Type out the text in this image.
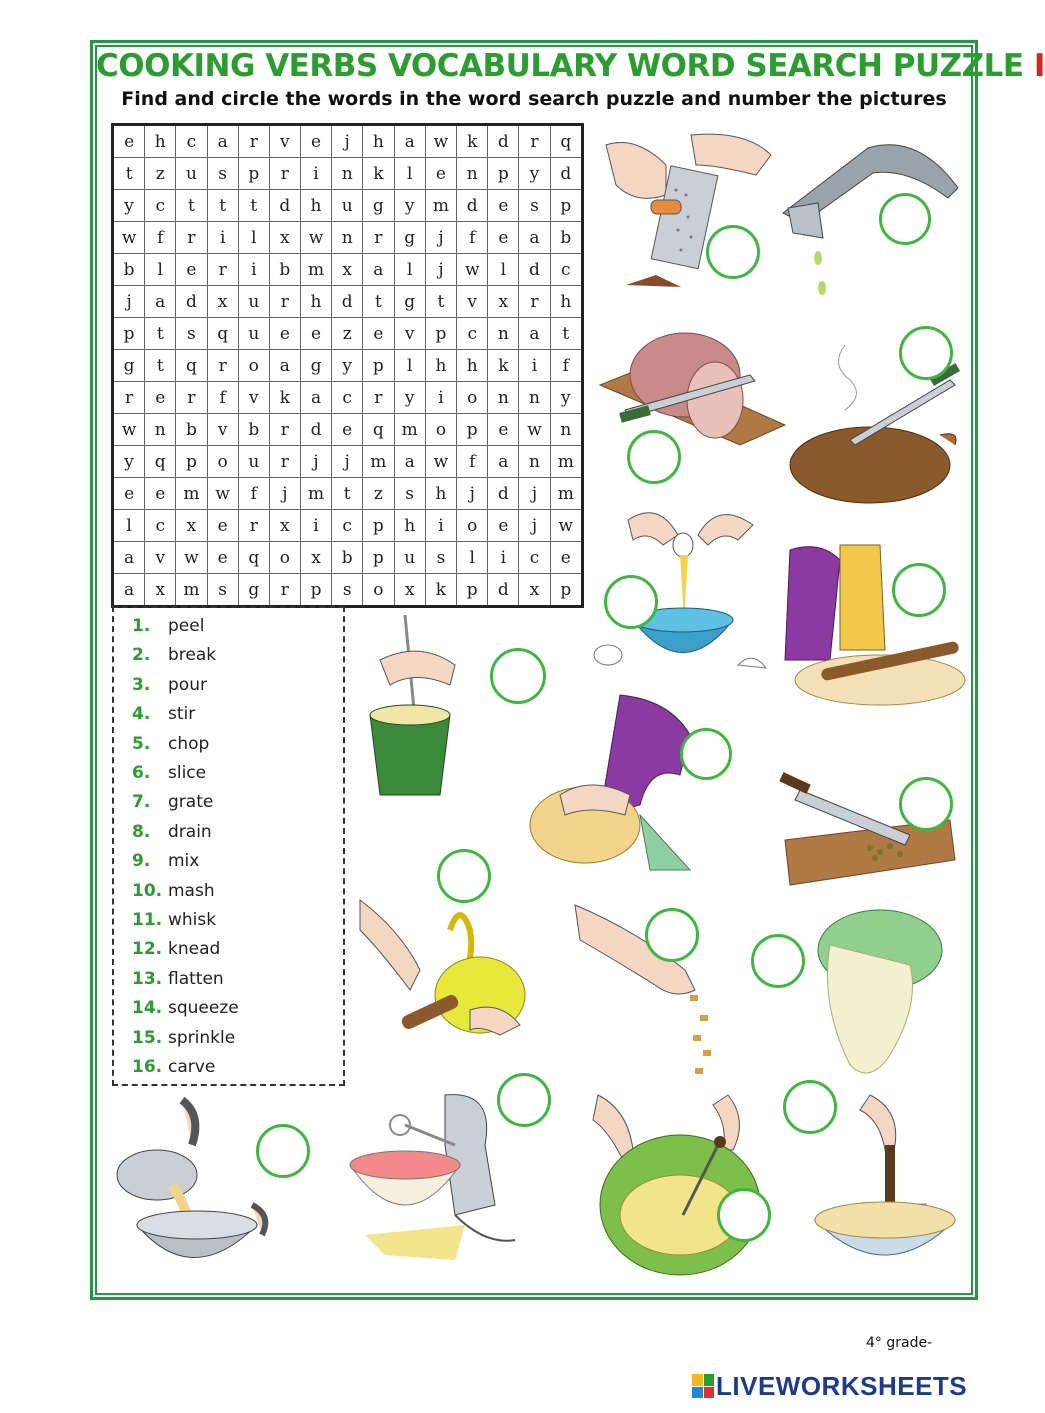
COOKING VERBS VOCABULARY WORD SEARCH PUZZLE I
Find and circle the words in the word search puzzle and number the pictures
e	h	c	a	r	v	e	j	h	a	w	k	d	r	q
t	z	u	s	p	r	i	n	k	l	e	n	p	y	d
y	c	t	t	t	d	h	u	g	y	m	d	e	s	p
w	f	r	i	l	x	w	n	r	g	j	f	e	a	b
b	l	e	r	i	b	m	x	a	l	j	w	l	d	c
j	a	d	x	u	r	h	d	t	g	t	v	x	r	h
p	t	s	q	u	e	e	z	e	v	p	c	n	a	t
g	t	q	r	o	a	g	y	p	l	h	h	k	i	f
r	e	r	f	v	k	a	c	r	y	i	o	n	n	y
w	n	b	v	b	r	d	e	q	m	o	p	e	w	n
y	q	p	o	u	r	j	j	m	a	w	f	a	n	m
e	e	m	w	f	j	m	t	z	s	h	j	d	j	m
l	c	x	e	r	x	i	c	p	h	i	o	e	j	w
a	v	w	e	q	o	x	b	p	u	s	l	i	c	e
a	x	m	s	g	r	p	s	o	x	k	p	d	x	p
1. peel
2. break
3. pour
4. stir
5. chop
6. slice
7. grate
8. drain
9. mix
10. mash
11. whisk
12. knead
13. flatten
14. squeeze
15. sprinkle
16. carve
4° grade-
LIVEWORKSHEETS
